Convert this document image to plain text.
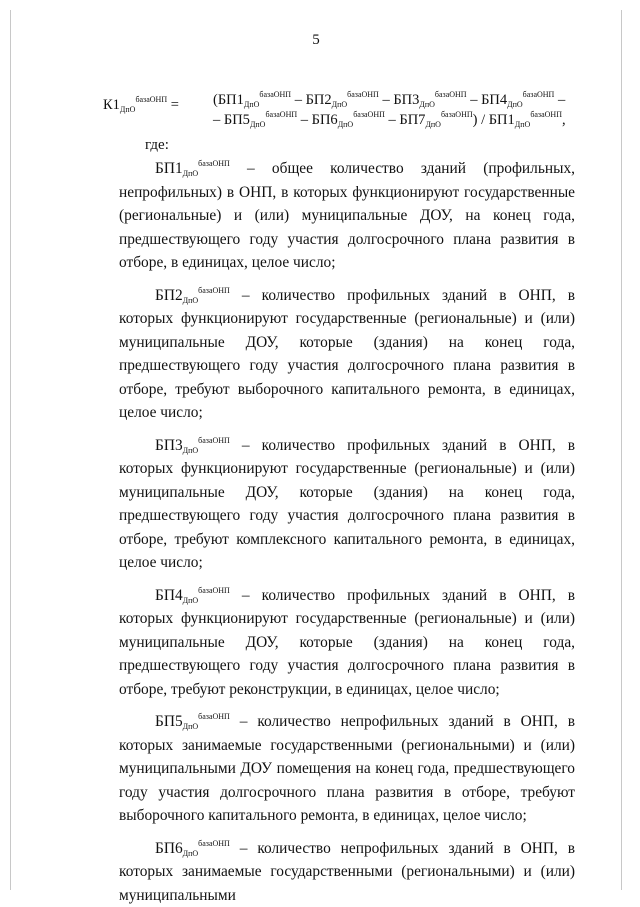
5
$К1_{ДпО}^{базаОНП} = (БП1_{ДпО}^{базаОНП} - БП2_{ДпО}^{базаОНП} - БП3_{ДпО}^{базаОНП} - БП4_{ДпО}^{базаОНП}$ –
– $БП5_{ДпО}^{базаОНП} - БП6_{ДпО}^{базаОНП} - БП7_{ДпО}^{базаОНП}) / БП1_{ДпО}^{базаОНП}$,
где:

$БП1_{ДпО}^{базаОНП}$ – общее количество зданий (профильных, непрофильных) в ОНП, в которых функционируют государственные (региональные) и (или) муниципальные ДОУ, на конец года, предшествующего году участия долгосрочного плана развития в отборе, в единицах, целое число;

$БП2_{ДпО}^{базаОНП}$ – количество профильных зданий в ОНП, в которых функционируют государственные (региональные) и (или) муниципальные ДОУ, которые (здания) на конец года, предшествующего году участия долгосрочного плана развития в отборе, требуют выборочного капитального ремонта, в единицах, целое число;

$БП3_{ДпО}^{базаОНП}$ – количество профильных зданий в ОНП, в которых функционируют государственные (региональные) и (или) муниципальные ДОУ, которые (здания) на конец года, предшествующего году участия долгосрочного плана развития в отборе, требуют комплексного капитального ремонта, в единицах, целое число;

$БП4_{ДпО}^{базаОНП}$ – количество профильных зданий в ОНП, в которых функционируют государственные (региональные) и (или) муниципальные ДОУ, которые (здания) на конец года, предшествующего году участия долгосрочного плана развития в отборе, требуют реконструкции, в единицах, целое число;

$БП5_{ДпО}^{базаОНП}$ – количество непрофильных зданий в ОНП, в которых занимаемые государственными (региональными) и (или) муниципальными ДОУ помещения на конец года, предшествующего году участия долгосрочного плана развития в отборе, требуют выборочного капитального ремонта, в единицах, целое число;

$БП6_{ДпО}^{базаОНП}$ – количество непрофильных зданий в ОНП, в которых занимаемые государственными (региональными) и (или) муниципальными
